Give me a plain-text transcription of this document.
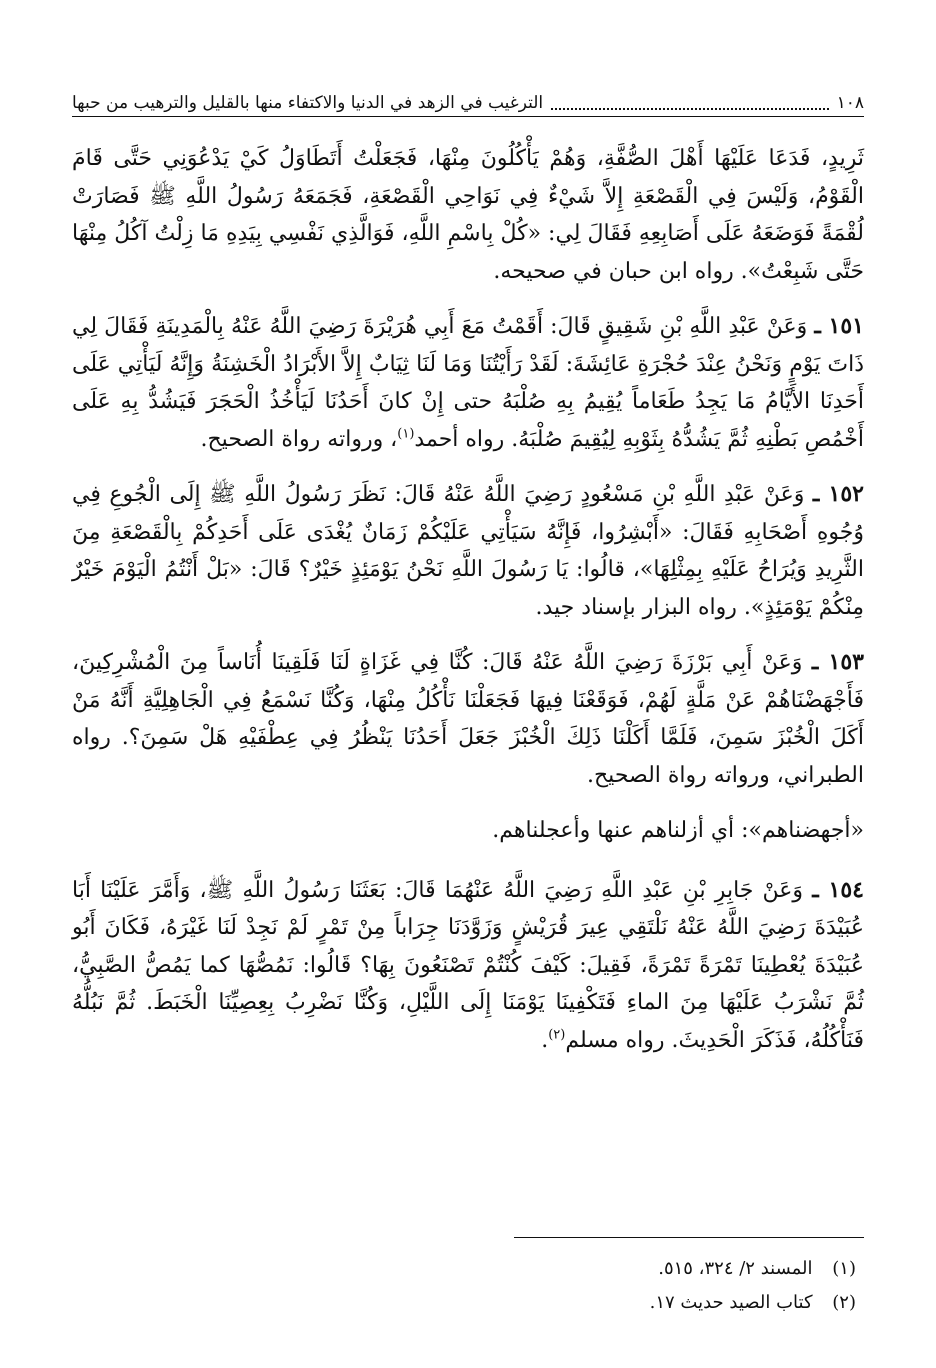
١٠٨
الترغيب في الزهد في الدنيا والاكتفاء منها بالقليل والترهيب من حبها

ثَرِيدٍ، فَدَعَا عَلَيْهَا أَهْلَ الصُّفَّةِ، وَهُمْ يَأْكُلُونَ مِنْهَا، فَجَعَلْتُ أَتَطَاوَلُ كَيْ يَدْعُوَنِي حَتَّى قَامَ الْقَوْمُ، وَلَيْسَ فِي الْقَصْعَةِ إِلاَّ شَيْءٌ فِي نَوَاحِي الْقَصْعَةِ، فَجَمَعَهُ رَسُولُ اللَّهِ ﷺ فَصَارَتْ لُقْمَةً فَوَضَعَهُ عَلَى أَصَابِعِهِ فَقَالَ لِي: «كُلْ بِاسْمِ اللَّهِ، فَوَالَّذِي نَفْسِي بِيَدِهِ مَا زِلْتُ آكُلُ مِنْهَا حَتَّى شَبِعْتُ». رواه ابن حبان في صحيحه.

١٥١ ـ وَعَنْ عَبْدِ اللَّهِ بْنِ شَقِيقٍ قَالَ: أَقَمْتُ مَعَ أَبِي هُرَيْرَةَ رَضِيَ اللَّهُ عَنْهُ بِالْمَدِينَةِ فَقَالَ لِي ذَاتَ يَوْمٍ وَنَحْنُ عِنْدَ حُجْرَةِ عَائِشَةَ: لَقَدْ رَأَيْتُنَا وَمَا لَنَا ثِيَابٌ إِلاَّ الأَبْرَادُ الْخَشِنَةُ وَإِنَّهُ لَيَأْتِي عَلَى أَحَدِنَا الأَيَّامُ مَا يَجِدُ طَعَاماً يُقِيمُ بِهِ صُلْبَهُ حتى إِنْ كانَ أَحَدُنَا لَيَأْخُذُ الْحَجَرَ فَيَشُدُّ بِهِ عَلَى أَخْمُصِ بَطْنِهِ ثُمَّ يَشُدُّهُ بِثَوْبِهِ لِيُقِيمَ صُلْبَهُ. رواه أحمد$^{(١)}$، ورواته رواة الصحيح.

١٥٢ ـ وَعَنْ عَبْدِ اللَّهِ بْنِ مَسْعُودٍ رَضِيَ اللَّهُ عَنْهُ قَالَ: نَظَرَ رَسُولُ اللَّهِ ﷺ إِلَى الْجُوعِ فِي وُجُوهِ أَصْحَابِهِ فَقَالَ: «أَبْشِرُوا، فَإِنَّهُ سَيَأْتِي عَلَيْكُمْ زَمَانٌ يُغْدَى عَلَى أَحَدِكُمْ بِالْقَصْعَةِ مِنَ الثَّرِيدِ وَيُرَاحُ عَلَيْهِ بِمِثْلِهَا»، قالُوا: يَا رَسُولَ اللَّهِ نَحْنُ يَوْمَئِذٍ خَيْرٌ؟ قَالَ: «بَلْ أَنْتُمُ الْيَوْمَ خَيْرٌ مِنْكُمْ يَوْمَئِذٍ». رواه البزار بإسناد جيد.

١٥٣ ـ وَعَنْ أَبِي بَرْزَةَ رَضِيَ اللَّهُ عَنْهُ قَالَ: كُنَّا فِي غَزَاةٍ لَنَا فَلَقِينَا أُنَاساً مِنَ الْمُشْرِكِينَ، فَأَجْهَضْنَاهُمْ عَنْ مَلَّةٍ لَهُمْ، فَوَقَعْنَا فِيهَا فَجَعَلْنَا نَأْكُلُ مِنْهَا، وَكُنَّا نَسْمَعُ فِي الْجَاهِلِيَّةِ أَنَّهُ مَنْ أَكَلَ الْخُبْزَ سَمِنَ، فَلَمَّا أَكَلْنَا ذَلِكَ الْخُبْزَ جَعَلَ أَحَدُنَا يَنْظُرُ فِي عِطْفَيْهِ هَلْ سَمِنَ؟. رواه الطبراني، ورواته رواة الصحيح.

«أجهضناهم»: أي أزلناهم عنها وأعجلناهم.

١٥٤ ـ وَعَنْ جَابِرِ بْنِ عَبْدِ اللَّهِ رَضِيَ اللَّهُ عَنْهُمَا قَالَ: بَعَثَنَا رَسُولُ اللَّهِ ﷺ، وَأَمَّرَ عَلَيْنَا أَبَا عُبَيْدَةَ رَضِيَ اللَّهُ عَنْهُ نَلْتَقِي عِيرَ قُرَيْشٍ وَزَوَّدَنَا جِرَاباً مِنْ تَمْرٍ لَمْ نَجِدْ لَنَا غَيْرَهُ، فَكَانَ أَبُو عُبَيْدَةَ يُعْطِينَا تَمْرَةً تَمْرَةً، فَقِيلَ: كَيْفَ كُنْتُمْ تَصْنَعُونَ بِهَا؟ قَالُوا: نَمُصُّهَا كما يَمُصُّ الصَّبِيُّ، ثُمَّ نَشْرَبُ عَلَيْهَا مِنَ الماءِ فَتَكْفِينَا يَوْمَنَا إِلَى اللَّيْلِ، وَكُنَّا نَضْرِبُ بِعِصِيِّنَا الْخَبَطَ. ثُمَّ نَبُلُّهُ فَنَأْكُلُهُ، فَذَكَرَ الْحَدِيثَ. رواه مسلم$^{(٢)}$.

(١) المسند ٢/ ٣٢٤، ٥١٥.
(٢) كتاب الصيد حديث ١٧.
